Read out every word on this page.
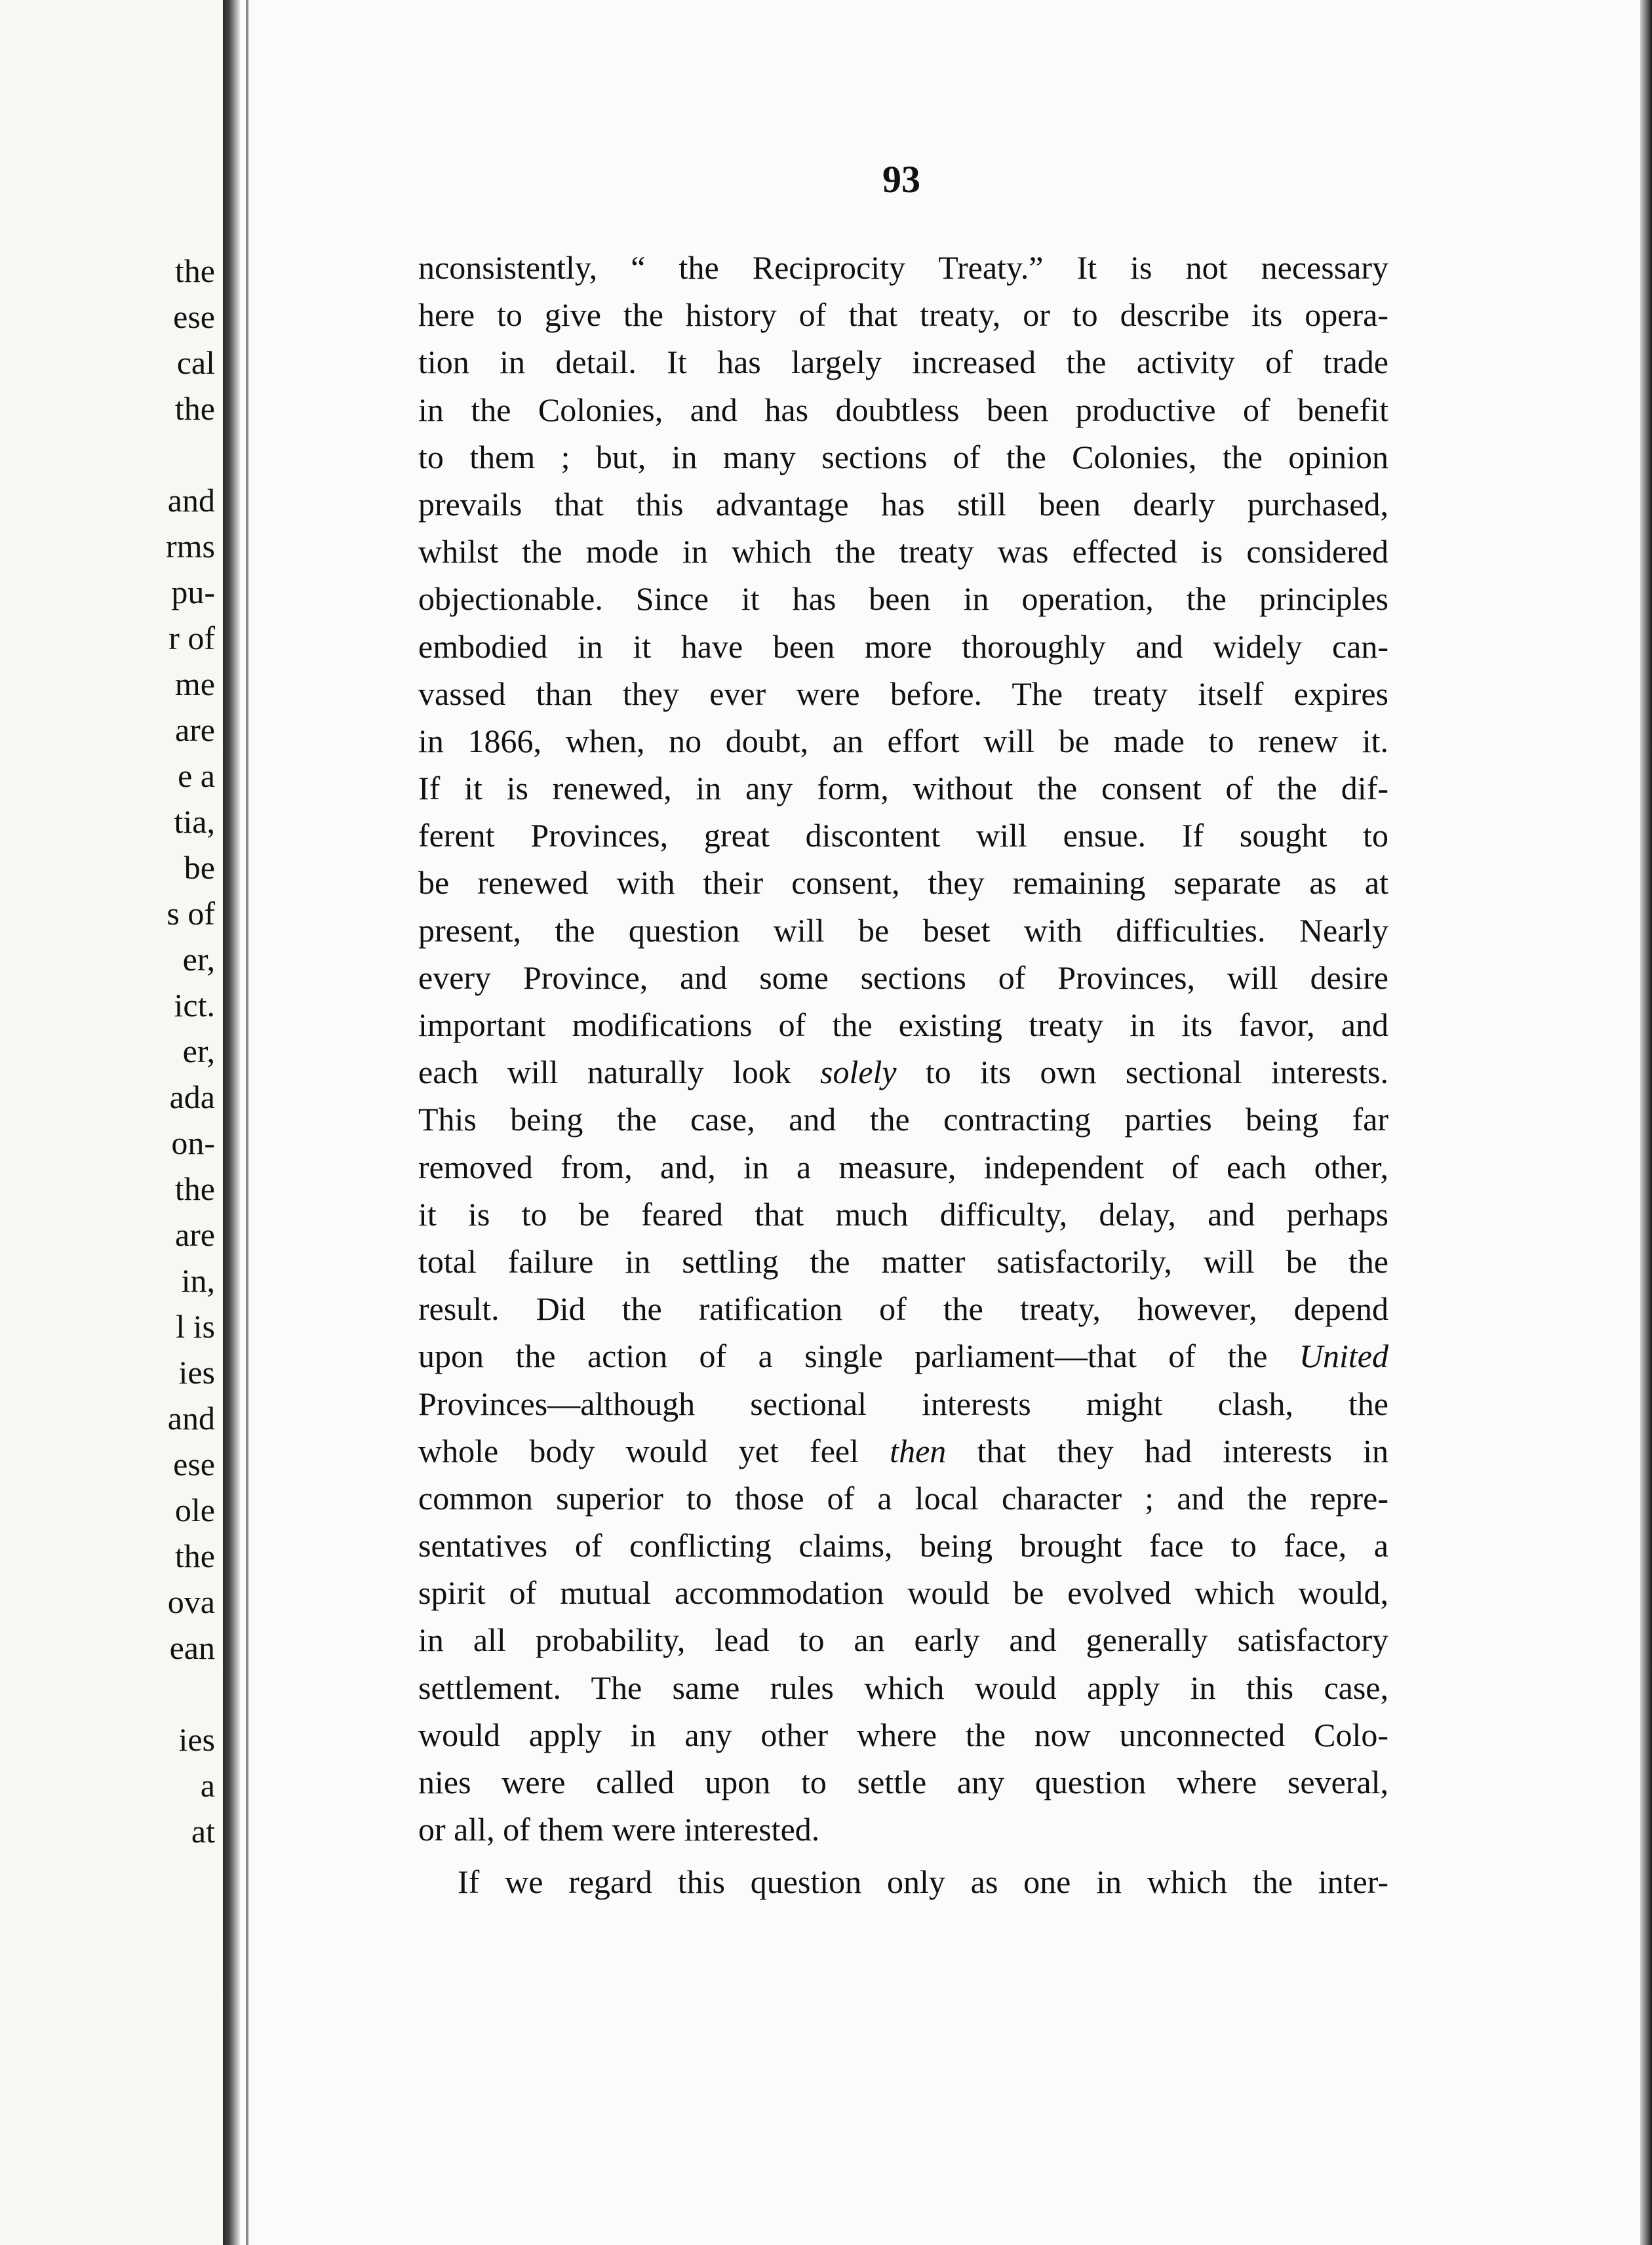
the
ese
cal
the
and
rms
pu-
r of
me
are
e a
tia,
be
s of
er,
ict.
er,
ada
on-
the
are
in,
l is
ies
and
ese
ole
the
ova
ean
ies
a
at
93
nconsistently, “ the Reciprocity Treaty.” It is not necessary
here to give the history of that treaty, or to describe its opera-
tion in detail. It has largely increased the activity of trade
in the Colonies, and has doubtless been productive of benefit
to them ; but, in many sections of the Colonies, the opinion
prevails that this advantage has still been dearly purchased,
whilst the mode in which the treaty was effected is considered
objectionable. Since it has been in operation, the principles
embodied in it have been more thoroughly and widely can-
vassed than they ever were before. The treaty itself expires
in 1866, when, no doubt, an effort will be made to renew it.
If it is renewed, in any form, without the consent of the dif-
ferent Provinces, great discontent will ensue. If sought to
be renewed with their consent, they remaining separate as at
present, the question will be beset with difficulties. Nearly
every Province, and some sections of Provinces, will desire
important modifications of the existing treaty in its favor, and
each will naturally look solely to its own sectional interests.
This being the case, and the contracting parties being far
removed from, and, in a measure, independent of each other,
it is to be feared that much difficulty, delay, and perhaps
total failure in settling the matter satisfactorily, will be the
result. Did the ratification of the treaty, however, depend
upon the action of a single parliament—that of the United
Provinces—although sectional interests might clash, the
whole body would yet feel then that they had interests in
common superior to those of a local character ; and the repre-
sentatives of conflicting claims, being brought face to face, a
spirit of mutual accommodation would be evolved which would,
in all probability, lead to an early and generally satisfactory
settlement. The same rules which would apply in this case,
would apply in any other where the now unconnected Colo-
nies were called upon to settle any question where several,
or all, of them were interested.
If we regard this question only as one in which the inter-
